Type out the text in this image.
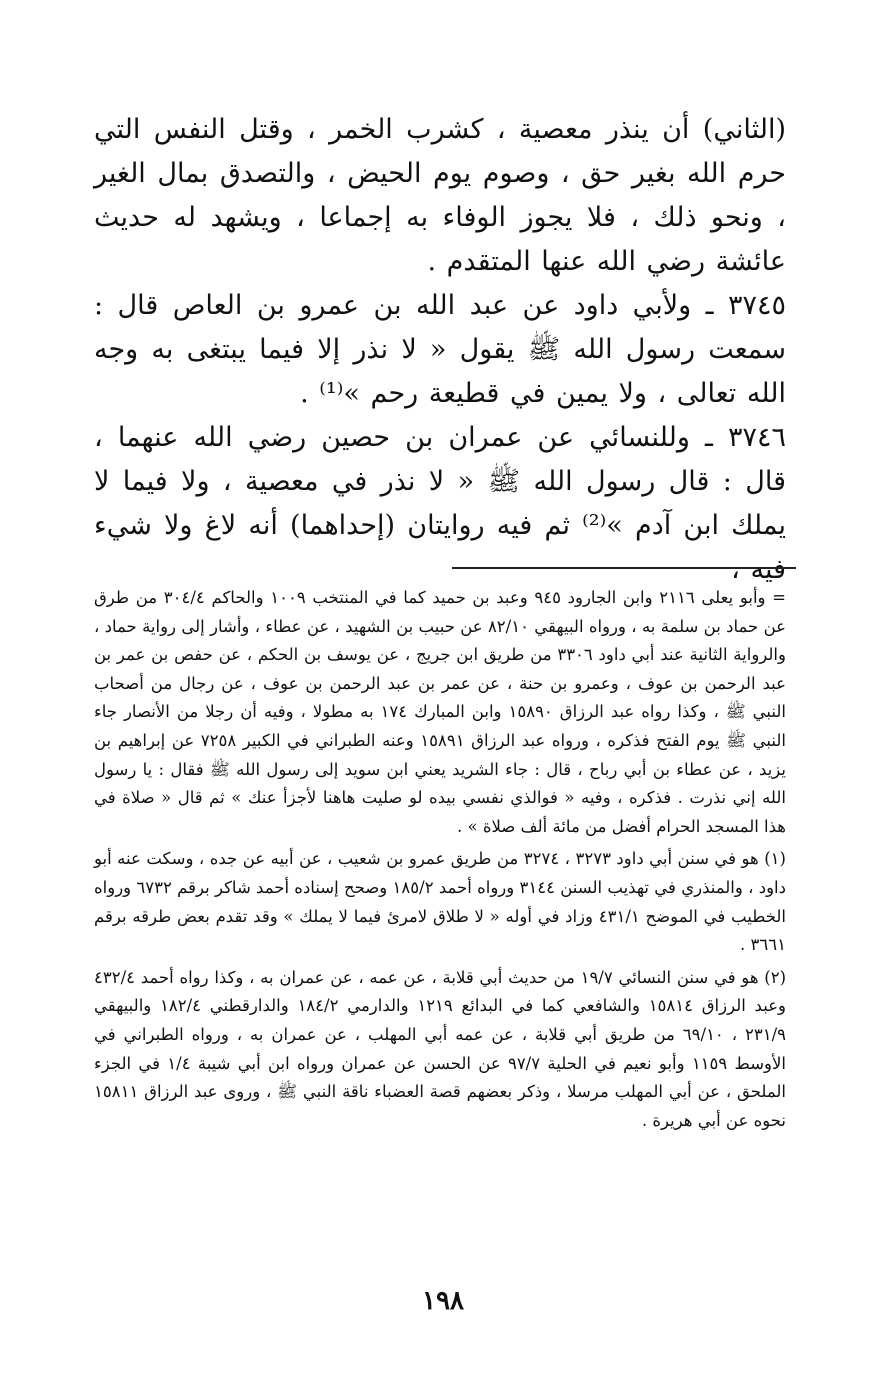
(الثاني) أن ينذر معصية ، كشرب الخمر ، وقتل النفس التي حرم الله بغير حق ، وصوم يوم الحيض ، والتصدق بمال الغير ، ونحو ذلك ، فلا يجوز الوفاء به إجماعا ، ويشهد له حديث عائشة رضي الله عنها المتقدم .

٣٧٤٥ ـ ولأبي داود عن عبد الله بن عمرو بن العاص قال : سمعت رسول الله ﷺ يقول « لا نذر إلا فيما يبتغى به وجه الله تعالى ، ولا يمين في قطيعة رحم »⁽¹⁾ .

٣٧٤٦ ـ وللنسائي عن عمران بن حصين رضي الله عنهما ، قال : قال رسول الله ﷺ « لا نذر في معصية ، ولا فيما لا يملك ابن آدم »⁽²⁾ ثم فيه روايتان (إحداهما) أنه لاغ ولا شيء فيه ،

= وأبو يعلى ٢١١٦ وابن الجارود ٩٤٥ وعبد بن حميد كما في المنتخب ١٠٠٩ والحاكم ٣٠٤/٤ من طرق عن حماد بن سلمة به ، ورواه البيهقي ٨٢/١٠ عن حبيب بن الشهيد ، عن عطاء ، وأشار إلى رواية حماد ، والرواية الثانية عند أبي داود ٣٣٠٦ من طريق ابن جريج ، عن يوسف بن الحكم ، عن حفص بن عمر بن عبد الرحمن بن عوف ، وعمرو بن حنة ، عن عمر بن عبد الرحمن بن عوف ، عن رجال من أصحاب النبي ﷺ ، وكذا رواه عبد الرزاق ١٥٨٩٠ وابن المبارك ١٧٤ به مطولا ، وفيه أن رجلا من الأنصار جاء النبي ﷺ يوم الفتح فذكره ، ورواه عبد الرزاق ١٥٨٩١ وعنه الطبراني في الكبير ٧٢٥٨ عن إبراهيم بن يزيد ، عن عطاء بن أبي رباح ، قال : جاء الشريد يعني ابن سويد إلى رسول الله ﷺ فقال : يا رسول الله إني نذرت . فذكره ، وفيه « فوالذي نفسي بيده لو صليت هاهنا لأجزأ عنك » ثم قال « صلاة في هذا المسجد الحرام أفضل من مائة ألف صلاة » .

(١) هو في سنن أبي داود ٣٢٧٣ ، ٣٢٧٤ من طريق عمرو بن شعيب ، عن أبيه عن جده ، وسكت عنه أبو داود ، والمنذري في تهذيب السنن ٣١٤٤ ورواه أحمد ١٨٥/٢ وصحح إسناده أحمد شاكر برقم ٦٧٣٢ ورواه الخطيب في الموضح ٤٣١/١ وزاد في أوله « لا طلاق لامرئ فيما لا يملك » وقد تقدم بعض طرقه برقم ٣٦٦١ .

(٢) هو في سنن النسائي ١٩/٧ من حديث أبي قلابة ، عن عمه ، عن عمران به ، وكذا رواه أحمد ٤٣٢/٤ وعبد الرزاق ١٥٨١٤ والشافعي كما في البدائع ١٢١٩ والدارمي ١٨٤/٢ والدارقطني ١٨٢/٤ والبيهقي ٢٣١/٩ ، ٦٩/١٠ من طريق أبي قلابة ، عن عمه أبي المهلب ، عن عمران به ، ورواه الطبراني في الأوسط ١١٥٩ وأبو نعيم في الحلية ٩٧/٧ عن الحسن عن عمران ورواه ابن أبي شيبة ١/٤ في الجزء الملحق ، عن أبي المهلب مرسلا ، وذكر بعضهم قصة العضباء ناقة النبي ﷺ ، وروى عبد الرزاق ١٥٨١١ نحوه عن أبي هريرة .

١٩٨
